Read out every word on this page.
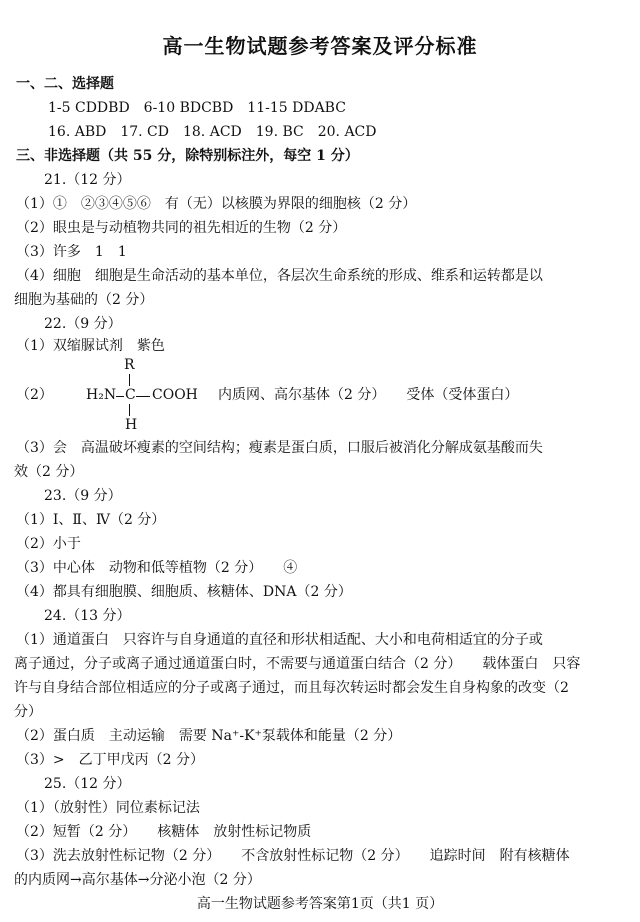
高一生物试题参考答案及评分标准
一、二、选择题
1-5 CDDBD　6-10 BDCBD　11-15 DDABC
16. ABD　17. CD　18. ACD　19. BC　20. ACD
三、非选择题（共 55 分，除特别标注外，每空 1 分）
21.（12 分）
（1）①　②③④⑤⑥　有（无）以核膜为界限的细胞核（2 分）
（2）眼虫是与动植物共同的祖先相近的生物（2 分）
（3）许多　1　1
（4）细胞　细胞是生命活动的基本单位，各层次生命系统的形成、维系和运转都是以
细胞为基础的（2 分）
22.（9 分）
（1）双缩脲试剂　紫色
（2）
R
H₂N C COOH
H
内质网、高尔基体（2 分）　　受体（受体蛋白）
（3）会　高温破坏瘦素的空间结构；瘦素是蛋白质，口服后被消化分解成氨基酸而失
效（2 分）
23.（9 分）
（1）Ⅰ、Ⅱ、Ⅳ（2 分）
（2）小于
（3）中心体　动物和低等植物（2 分）　　④
（4）都具有细胞膜、细胞质、核糖体、DNA（2 分）
24.（13 分）
（1）通道蛋白　只容许与自身通道的直径和形状相适配、大小和电荷相适宜的分子或
离子通过，分子或离子通过通道蛋白时，不需要与通道蛋白结合（2 分）　　载体蛋白　只容
许与自身结合部位相适应的分子或离子通过，而且每次转运时都会发生自身构象的改变（2
分）
（2）蛋白质　主动运输　需要 Na⁺-K⁺泵载体和能量（2 分）
（3）>　乙丁甲戊丙（2 分）
25.（12 分）
（1）（放射性）同位素标记法
（2）短暂（2 分）　　核糖体　放射性标记物质
（3）洗去放射性标记物（2 分）　　不含放射性标记物（2 分）　　追踪时间　附有核糖体
的内质网→高尔基体→分泌小泡（2 分）
高一生物试题参考答案第1页（共1 页）
